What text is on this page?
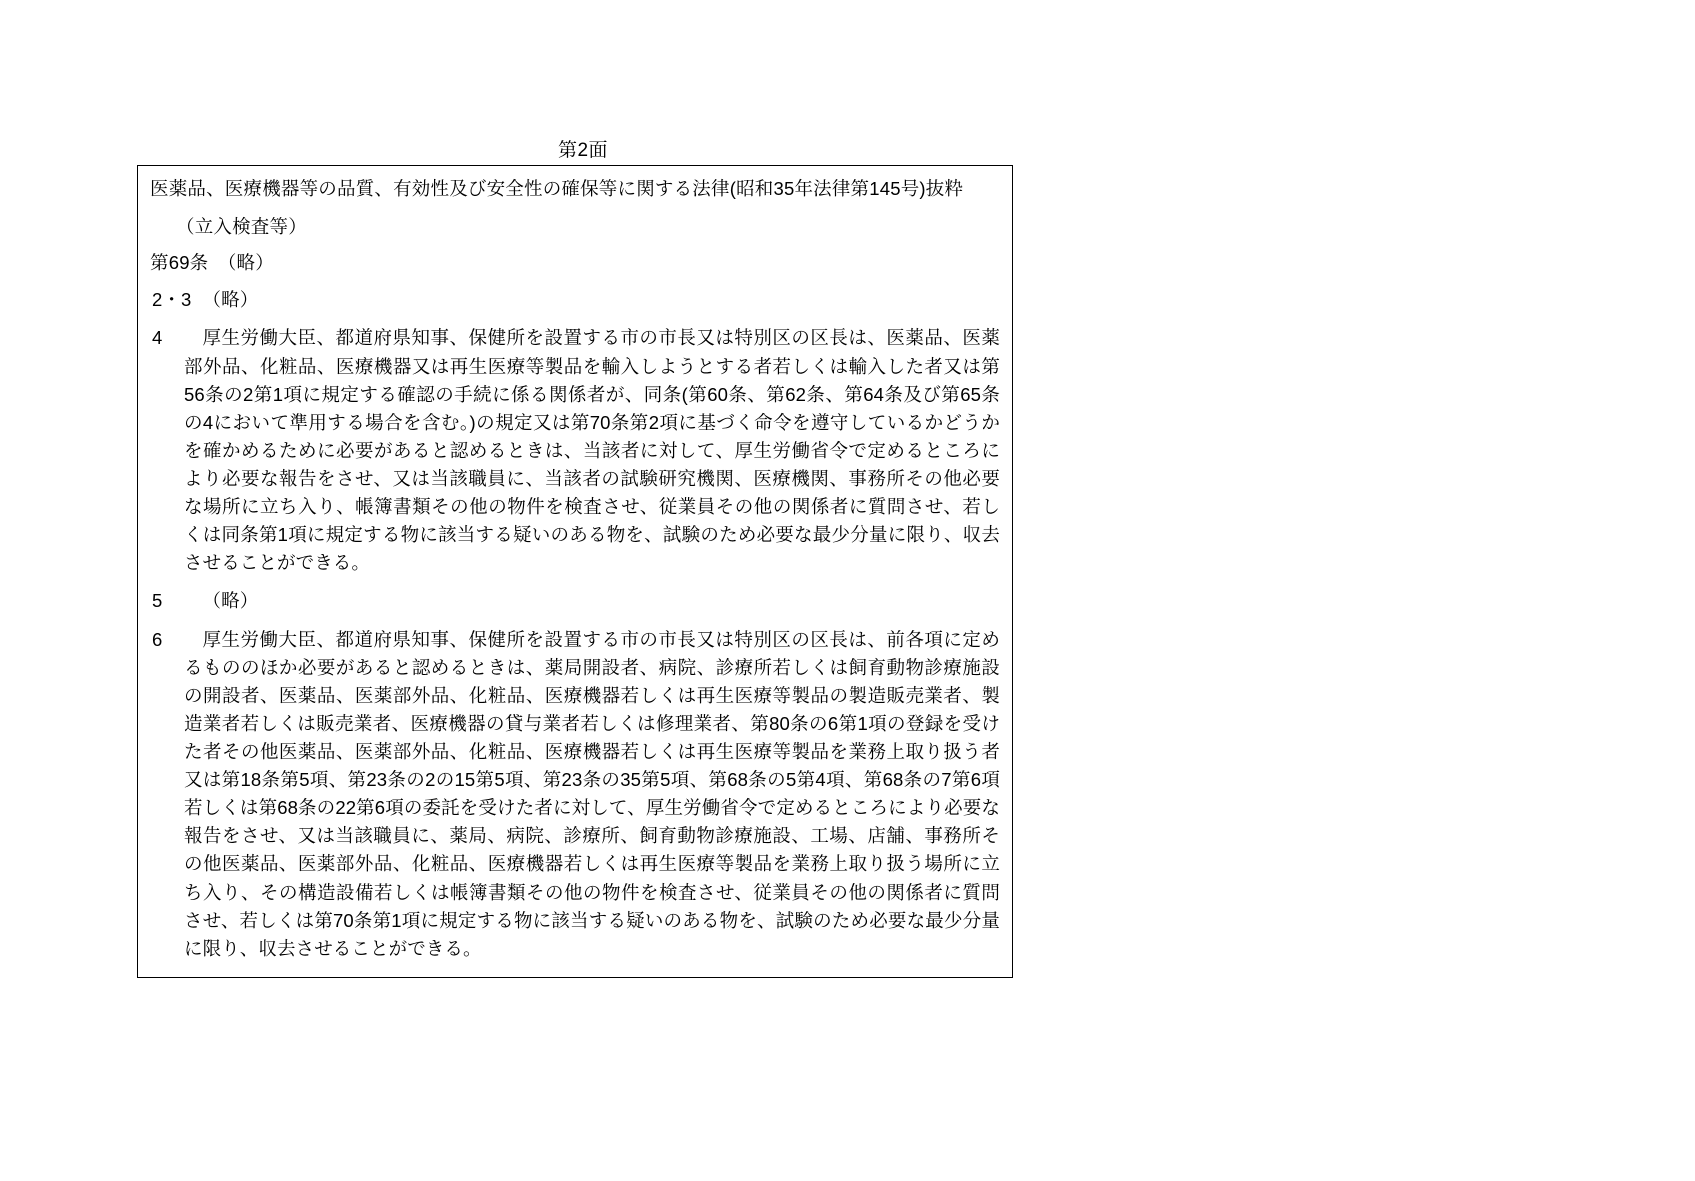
第2面
医薬品、医療機器等の品質、有効性及び安全性の確保等に関する法律(昭和35年法律第145号)抜粋
（立入検査等）
第69条　（略）
2・3 （略）
4	厚生労働大臣、都道府県知事、保健所を設置する市の市長又は特別区の区長は、医薬品、医薬部外品、化粧品、医療機器又は再生医療等製品を輸入しようとする者若しくは輸入した者又は第56条の2第1項に規定する確認の手続に係る関係者が、同条(第60条、第62条、第64条及び第65条の4において準用する場合を含む。)の規定又は第70条第2項に基づく命令を遵守しているかどうかを確かめるために必要があると認めるときは、当該者に対して、厚生労働省令で定めるところにより必要な報告をさせ、又は当該職員に、当該者の試験研究機関、医療機関、事務所その他必要な場所に立ち入り、帳簿書類その他の物件を検査させ、従業員その他の関係者に質問させ、若しくは同条第1項に規定する物に該当する疑いのある物を、試験のため必要な最少分量に限り、収去させることができる。
5	（略）
6	厚生労働大臣、都道府県知事、保健所を設置する市の市長又は特別区の区長は、前各項に定めるもののほか必要があると認めるときは、薬局開設者、病院、診療所若しくは飼育動物診療施設の開設者、医薬品、医薬部外品、化粧品、医療機器若しくは再生医療等製品の製造販売業者、製造業者若しくは販売業者、医療機器の貸与業者若しくは修理業者、第80条の6第1項の登録を受けた者その他医薬品、医薬部外品、化粧品、医療機器若しくは再生医療等製品を業務上取り扱う者又は第18条第5項、第23条の2の15第5項、第23条の35第5項、第68条の5第4項、第68条の7第6項若しくは第68条の22第6項の委託を受けた者に対して、厚生労働省令で定めるところにより必要な報告をさせ、又は当該職員に、薬局、病院、診療所、飼育動物診療施設、工場、店舗、事務所その他医薬品、医薬部外品、化粧品、医療機器若しくは再生医療等製品を業務上取り扱う場所に立ち入り、その構造設備若しくは帳簿書類その他の物件を検査させ、従業員その他の関係者に質問させ、若しくは第70条第1項に規定する物に該当する疑いのある物を、試験のため必要な最少分量に限り、収去させることができる。
